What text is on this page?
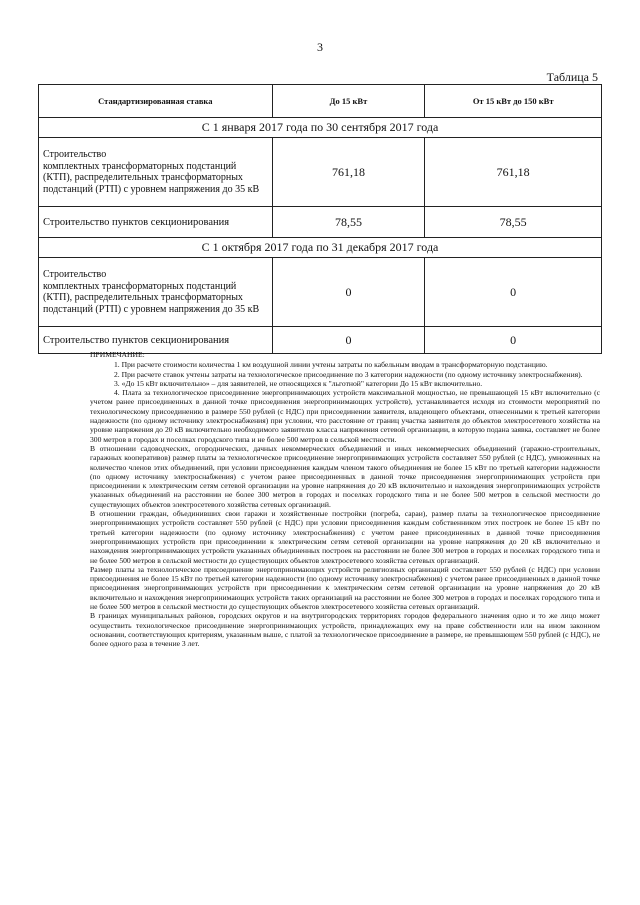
3
Таблица 5
Стандартизированная ставка	До 15 кВт	От 15 кВт до 150 кВт
С 1 января 2017 года по 30 сентября 2017 года		
Строительство
комплектных трансформаторных подстанций (КТП), распределительных трансформаторных подстанций (РТП) с уровнем напряжения до 35 кВ	761,18	761,18
Строительство пунктов секционирования	78,55	78,55
С 1 октября 2017 года по 31 декабря 2017 года		
Строительство
комплектных трансформаторных подстанций (КТП), распределительных трансформаторных подстанций (РТП) с уровнем напряжения до 35 кВ	0	0
Строительство пунктов секционирования	0	0

ПРИМЕЧАНИЕ:

1. При расчете стоимости количества 1 км воздушной линии учтены затраты по кабельным вводам в трансформаторную подстанцию.

2. При расчете ставок учтены затраты на технологическое присоединение по 3 категории надежности (по одному источнику электроснабжения).

3. «До 15 кВт включительно» – для заявителей, не относящихся к "льготной" категории До 15 кВт включительно.

4. Плата за технологическое присоединение энергопринимающих устройств максимальной мощностью, не превышающей 15 кВт включительно (с учетом ранее присоединенных в данной точке присоединения энергопринимающих устройств), устанавливается исходя из стоимости мероприятий по технологическому присоединению в размере 550 рублей (с НДС) при присоединении заявителя, владеющего объектами, отнесенными к третьей категории надежности (по одному источнику электроснабжения) при условии, что расстояние от границ участка заявителя до объектов электросетевого хозяйства на уровне напряжения до 20 кВ включительно необходимого заявителю класса напряжения сетевой организации, в которую подана заявка, составляет не более 300 метров в городах и поселках городского типа и не более 500 метров в сельской местности.

В отношении садоводческих, огороднических, дачных некоммерческих объединений и иных некоммерческих объединений (гаражно-строительных, гаражных кооперативов) размер платы за технологическое присоединение энергопринимающих устройств составляет 550 рублей (с НДС), умноженных на количество членов этих объединений, при условии присоединения каждым членом такого объединения не более 15 кВт по третьей категории надежности (по одному источнику электроснабжения) с учетом ранее присоединенных в данной точке присоединения энергопринимающих устройств при присоединении к электрическим сетям сетевой организации на уровне напряжения до 20 кВ включительно и нахождения энергопринимающих устройств указанных объединений на расстоянии не более 300 метров в городах и поселках городского типа и не более 500 метров в сельской местности до существующих объектов электросетевого хозяйства сетевых организаций.

В отношении граждан, объединивших свои гаражи и хозяйственные постройки (погреба, сараи), размер платы за технологическое присоединение энергопринимающих устройств составляет 550 рублей (с НДС) при условии присоединения каждым собственником этих построек не более 15 кВт по третьей категории надежности (по одному источнику электроснабжения) с учетом ранее присоединенных в данной точке присоединения энергопринимающих устройств при присоединении к электрическим сетям сетевой организации на уровне напряжения до 20 кВ включительно и нахождения энергопринимающих устройств указанных объединенных построек на расстоянии не более 300 метров в городах и поселках городского типа и не более 500 метров в сельской местности до существующих объектов электросетевого хозяйства сетевых организаций.

Размер платы за технологическое присоединение энергопринимающих устройств религиозных организаций составляет 550 рублей (с НДС) при условии присоединения не более 15 кВт по третьей категории надежности (по одному источнику электроснабжения) с учетом ранее присоединенных в данной точке присоединения энергопринимающих устройств при присоединении к электрическим сетям сетевой организации на уровне напряжения до 20 кВ включительно и нахождения энергопринимающих устройств таких организаций на расстоянии не более 300 метров в городах и поселках городского типа и не более 500 метров в сельской местности до существующих объектов электросетевого хозяйства сетевых организаций.

В границах муниципальных районов, городских округов и на внутригородских территориях городов федерального значения одно и то же лицо может осуществить технологическое присоединение энергопринимающих устройств, принадлежащих ему на праве собственности или на ином законном основании, соответствующих критериям, указанным выше, с платой за технологическое присоединение в размере, не превышающем 550 рублей (с НДС), не более одного раза в течение 3 лет.
